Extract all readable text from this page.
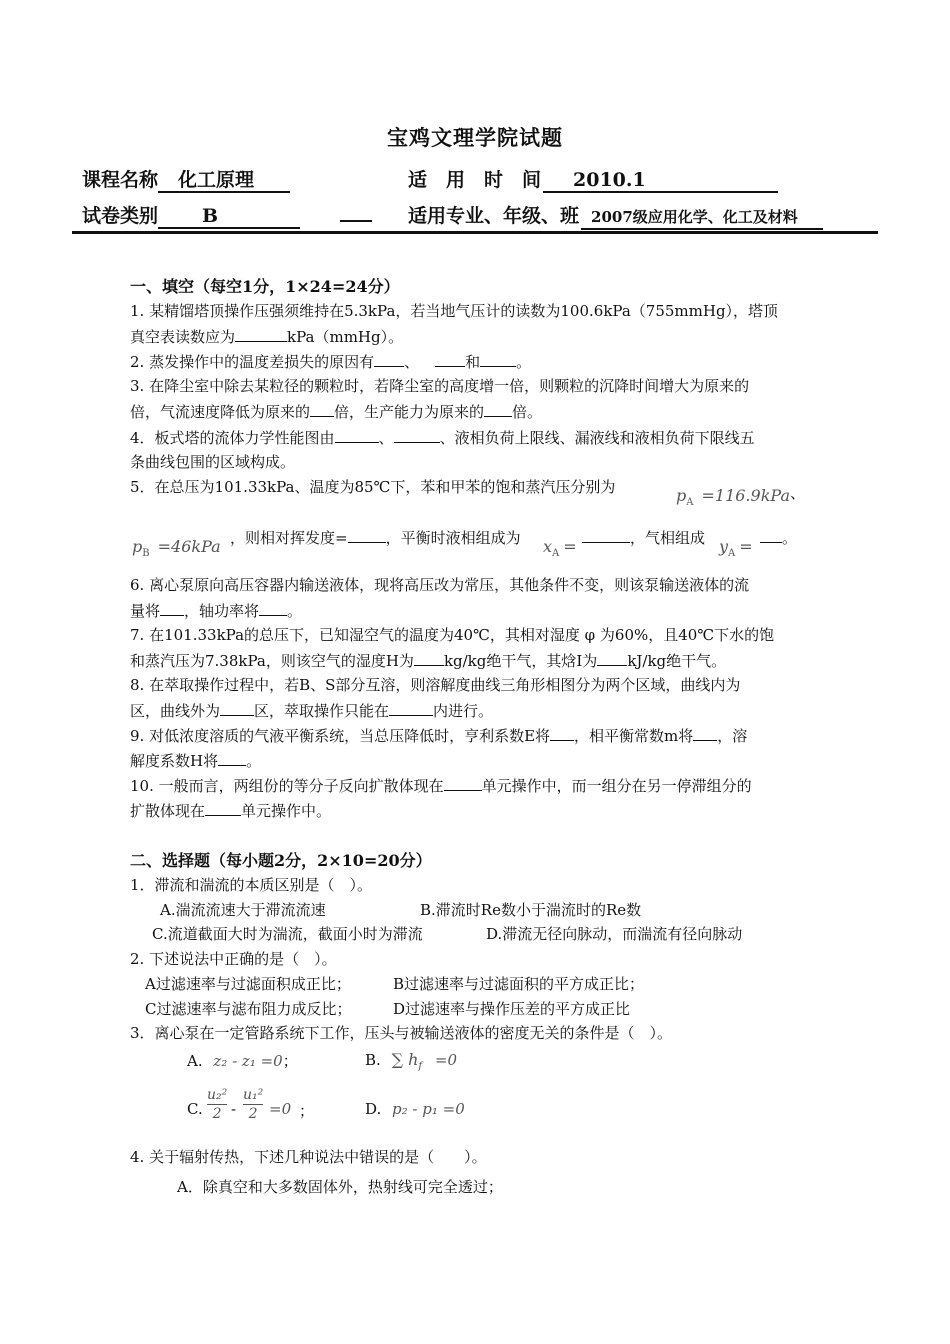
宝鸡文理学院试题
课程名称 化工原理	适　用　时　间 2010.1
试卷类别 B	适用专业、年级、班 2007级应用化学、化工及材料
一、填空（每空1分，1×24=24分）
1. 某精馏塔顶操作压强须维持在5.3kPa，若当地气压计的读数为100.6kPa（755mmHg），塔顶
真空表读数应为	kPa（mmHg）。
2. 蒸发操作中的温度差损失的原因有 、	和 。
3. 在降尘室中除去某粒径的颗粒时，若降尘室的高度增一倍，则颗粒的沉降时间增大为原来的
倍，气流速度降低为原来的 倍，生产能力为原来的 倍。
4．板式塔的流体力学性能图由	、	、液相负荷上限线、漏液线和液相负荷下限线五
条曲线包围的区域构成。
5．在总压为101.33kPa、温度为85℃下，苯和甲苯的饱和蒸汽压分别为	$p_A =116.9kPa$ 、
$p_B =46kPa$ ，则相对挥发度=	，平衡时液相组成为	$x_A$ =	，气相组成 $y_A$ =	。
6. 离心泵原向高压容器内输送液体，现将高压改为常压，其他条件不变，则该泵输送液体的流
量将 ，轴功率将 。
7. 在101.33kPa的总压下，已知湿空气的温度为40℃，其相对湿度 φ 为60%，且40℃下水的饱
和蒸汽压为7.38kPa，则该空气的湿度H为 kg/kg绝干气，其焓I为 kJ/kg绝干气。
8. 在萃取操作过程中，若B、S部分互溶，则溶解度曲线三角形相图分为两个区域，曲线内为
区，曲线外为 区，萃取操作只能在	内进行。
9. 对低浓度溶质的气液平衡系统，当总压降低时，亨利系数E将 ，相平衡常数m将 ，溶
解度系数H将 。
10. 一般而言，两组份的等分子反向扩散体现在	单元操作中，而一组分在另一停滞组分的
扩散体现在 单元操作中。
二、选择题（每小题2分，2×10=20分）
1．滞流和湍流的本质区别是（　）。
A.湍流流速大于滞流流速	B.滞流时Re数小于湍流时的Re数
C.流道截面大时为湍流，截面小时为滞流	D.滞流无径向脉动，而湍流有径向脉动
2. 下述说法中正确的是（　）。
A过滤速率与过滤面积成正比；	B过滤速率与过滤面积的平方成正比；
C过滤速率与滤布阻力成反比；	D过滤速率与操作压差的平方成正比
3．离心泵在一定管路系统下工作，压头与被输送液体的密度无关的条件是（　）。
A. z₂ - z₁ =0；	B. ∑ $h_f =0$
C. $\frac{\text{u₂²}}{2} - \frac{\text{u₁²}}{2} =0$ ；	D. p₂ - p₁ =0
4. 关于辐射传热，下述几种说法中错误的是（　　）。
A．除真空和大多数固体外，热射线可完全透过；
